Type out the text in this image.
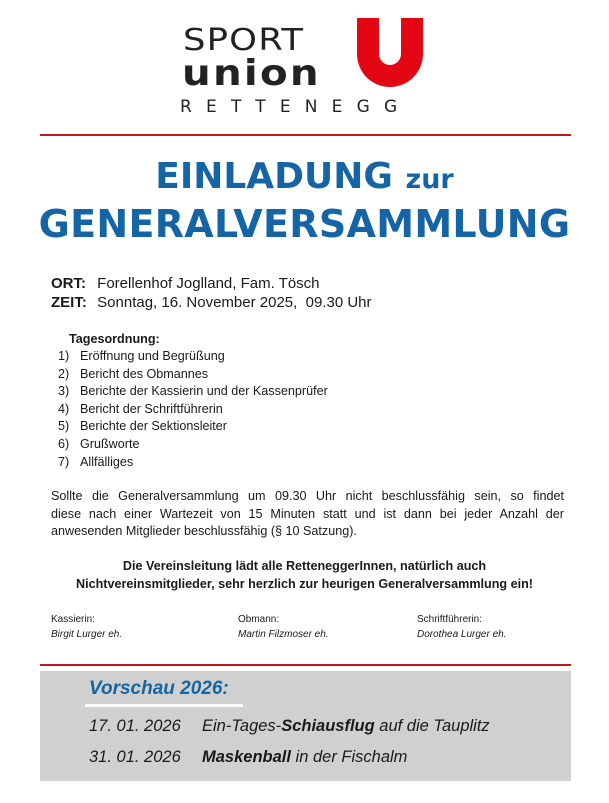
SPORT
union
RETTENEGG
EINLADUNG zur
GENERALVERSAMMLUNG
ORT: Forellenhof Joglland, Fam. Tösch
ZEIT: Sonntag, 16. November 2025,  09.30 Uhr
Tagesordnung:
1) Eröffnung und Begrüßung
2) Bericht des Obmannes
3) Berichte der Kassierin und der Kassenprüfer
4) Bericht der Schriftführerin
5) Berichte der Sektionsleiter
6) Grußworte
7) Allfälliges
Sollte die Generalversammlung um 09.30 Uhr nicht beschlussfähig sein, so findet
diese nach einer Wartezeit von 15 Minuten statt und ist dann bei jeder Anzahl der
anwesenden Mitglieder beschlussfähig (§ 10 Satzung).
Die Vereinsleitung lädt alle RetteneggerInnen, natürlich auch
Nichtvereinsmitglieder, sehr herzlich zur heurigen Generalversammlung ein!
Kassierin:
Birgit Lurger eh.
Obmann:
Martin Filzmoser eh.
Schriftführerin:
Dorothea Lurger eh.
Vorschau 2026:
17. 01. 2026 Ein-Tages-Schiausflug auf die Tauplitz
31. 01. 2026 Maskenball in der Fischalm
